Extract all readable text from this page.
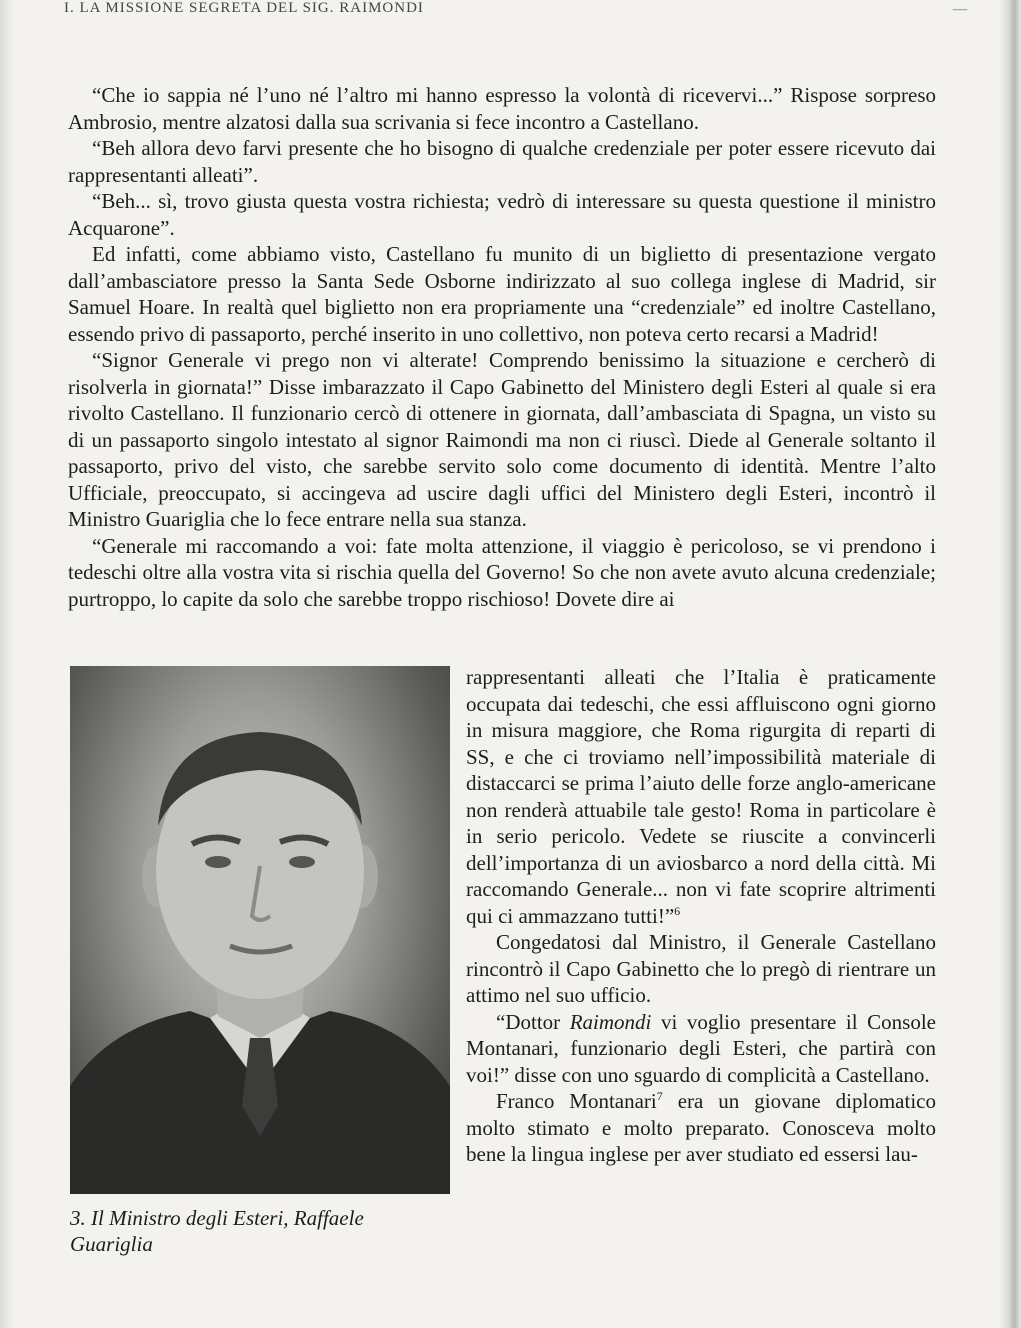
I. LA MISSIONE SEGRETA DEL SIG. RAIMONDI	—

“Che io sappia né l’uno né l’altro mi hanno espresso la volontà di ricevervi...” Rispose sorpreso Ambrosio, mentre alzatosi dalla sua scrivania si fece incontro a Castellano.

“Beh allora devo farvi presente che ho bisogno di qualche credenziale per poter essere ricevuto dai rappresentanti alleati”.

“Beh... sì, trovo giusta questa vostra richiesta; vedrò di interessare su questa questione il ministro Acquarone”.

Ed infatti, come abbiamo visto, Castellano fu munito di un biglietto di presentazione vergato dall’ambasciatore presso la Santa Sede Osborne indirizzato al suo collega inglese di Madrid, sir Samuel Hoare. In realtà quel biglietto non era propriamente una “credenziale” ed inoltre Castellano, essendo privo di passaporto, perché inserito in uno collettivo, non poteva certo recarsi a Madrid!

“Signor Generale vi prego non vi alterate! Comprendo benissimo la situazione e cercherò di risolverla in giornata!” Disse imbarazzato il Capo Gabinetto del Ministero degli Esteri al quale si era rivolto Castellano. Il funzionario cercò di ottenere in giornata, dall’ambasciata di Spagna, un visto su di un passaporto singolo intestato al signor Raimondi ma non ci riuscì. Diede al Generale soltanto il passaporto, privo del visto, che sarebbe servito solo come documento di identità. Mentre l’alto Ufficiale, preoccupato, si accingeva ad uscire dagli uffici del Ministero degli Esteri, incontrò il Ministro Guariglia che lo fece entrare nella sua stanza.

“Generale mi raccomando a voi: fate molta attenzione, il viaggio è pericoloso, se vi prendono i tedeschi oltre alla vostra vita si rischia quella del Governo! So che non avete avuto alcuna credenziale; purtroppo, lo capite da solo che sarebbe troppo rischioso! Dovete dire ai

3. Il Ministro degli Esteri, Raffaele Guariglia

rappresentanti alleati che l’Italia è praticamente occupata dai tedeschi, che essi affluiscono ogni giorno in misura maggiore, che Roma rigurgita di reparti di SS, e che ci troviamo nell’impossibilità materiale di distaccarci se prima l’aiuto delle forze anglo-americane non renderà attuabile tale gesto! Roma in particolare è in serio pericolo. Vedete se riuscite a convincerli dell’importanza di un aviosbarco a nord della città. Mi raccomando Generale... non vi fate scoprire altrimenti qui ci ammazzano tutti!”$^6$

Congedatosi dal Ministro, il Generale Castellano rincontrò il Capo Gabinetto che lo pregò di rientrare un attimo nel suo ufficio.

“Dottor Raimondi vi voglio presentare il Console Montanari, funzionario degli Esteri, che partirà con voi!” disse con uno sguardo di complicità a Castellano.

Franco Montanari$^7$ era un giovane diplomatico molto stimato e molto preparato. Conosceva molto bene la lingua inglese per aver studiato ed essersi lau-
